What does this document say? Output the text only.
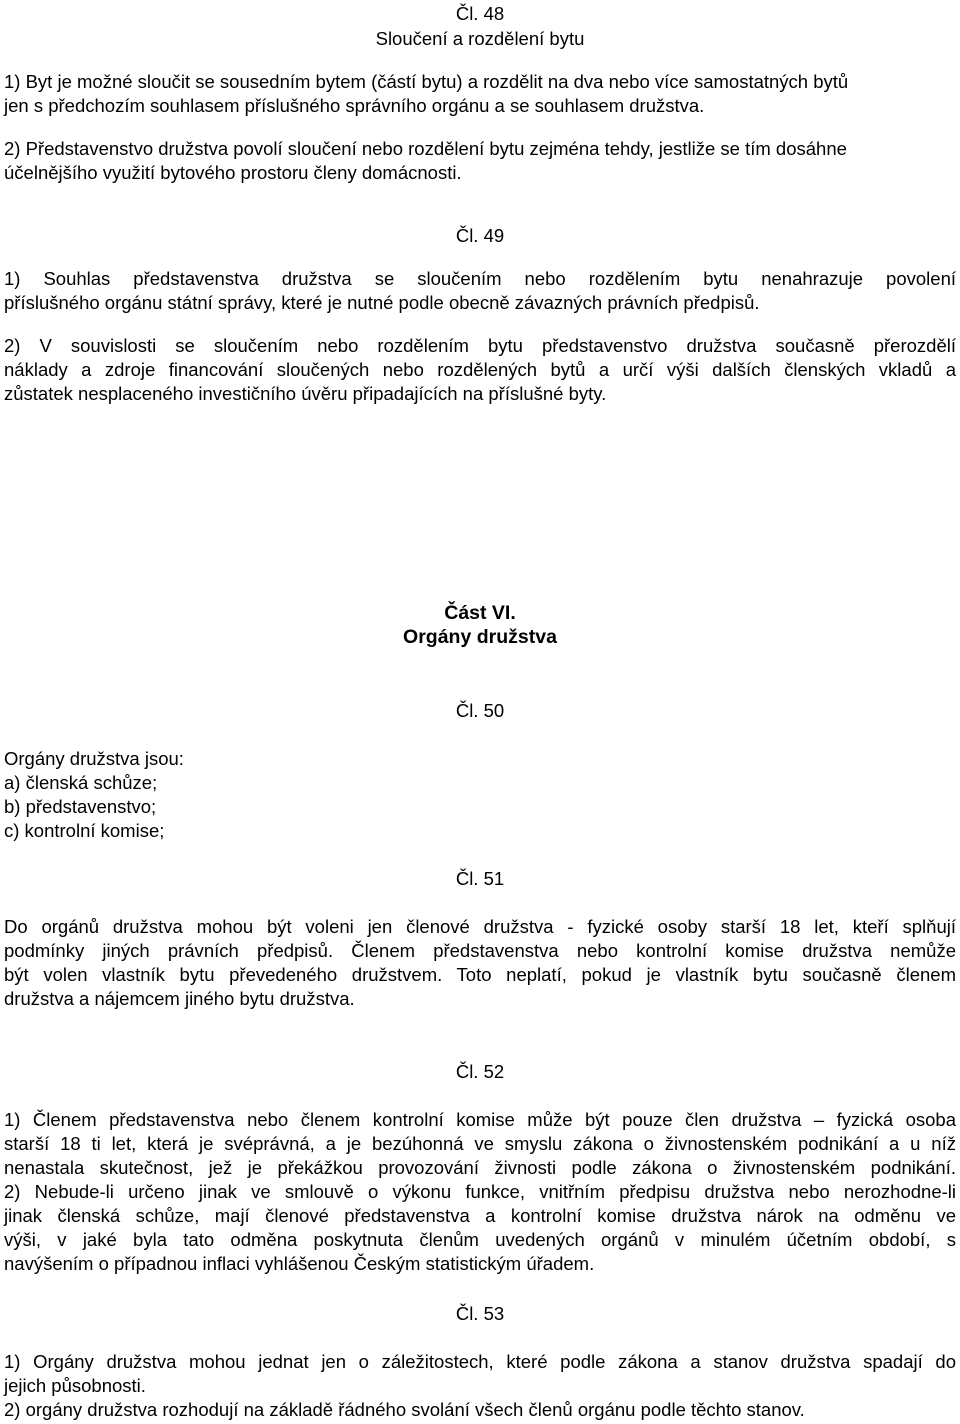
Čl. 48
Sloučení a rozdělení bytu
1) Byt je možné sloučit se sousedním bytem (částí bytu) a rozdělit na dva nebo více samostatných bytů
jen s předchozím souhlasem příslušného správního orgánu a se souhlasem družstva.
2) Představenstvo družstva povolí sloučení nebo rozdělení bytu zejména tehdy, jestliže se tím dosáhne
účelnějšího využití bytového prostoru členy domácnosti.
Čl. 49
1) Souhlas představenstva družstva se sloučením nebo rozdělením bytu nenahrazuje povolení
příslušného orgánu státní správy, které je nutné podle obecně závazných právních předpisů.
2) V souvislosti se sloučením nebo rozdělením bytu představenstvo družstva současně přerozdělí
náklady a zdroje financování sloučených nebo rozdělených bytů a určí výši dalších členských vkladů a
zůstatek nesplaceného investičního úvěru připadajících na příslušné byty.
Část VI.
Orgány družstva
Čl. 50
Orgány družstva jsou:
a) členská schůze;
b) představenstvo;
c) kontrolní komise;
Čl. 51
Do orgánů družstva mohou být voleni jen členové družstva - fyzické osoby starší 18 let, kteří splňují
podmínky jiných právních předpisů. Členem představenstva nebo kontrolní komise družstva nemůže
být volen vlastník bytu převedeného družstvem. Toto neplatí, pokud je vlastník bytu současně členem
družstva a nájemcem jiného bytu družstva.
Čl. 52
1) Členem představenstva nebo členem kontrolní komise může být pouze člen družstva – fyzická osoba
starší 18 ti let, která je svéprávná, a je bezúhonná ve smyslu zákona o živnostenském podnikání a u níž
nenastala skutečnost, jež je překážkou provozování živnosti podle zákona o živnostenském podnikání.
2) Nebude-li určeno jinak ve smlouvě o výkonu funkce, vnitřním předpisu družstva nebo nerozhodne-li
jinak členská schůze, mají členové představenstva a kontrolní komise družstva nárok na odměnu ve
výši, v jaké byla tato odměna poskytnuta členům uvedených orgánů v minulém účetním období, s
navýšením o případnou inflaci vyhlášenou Českým statistickým úřadem.
Čl. 53
1) Orgány družstva mohou jednat jen o záležitostech, které podle zákona a stanov družstva spadají do
jejich působnosti.
2) orgány družstva rozhodují na základě řádného svolání všech členů orgánu podle těchto stanov.
